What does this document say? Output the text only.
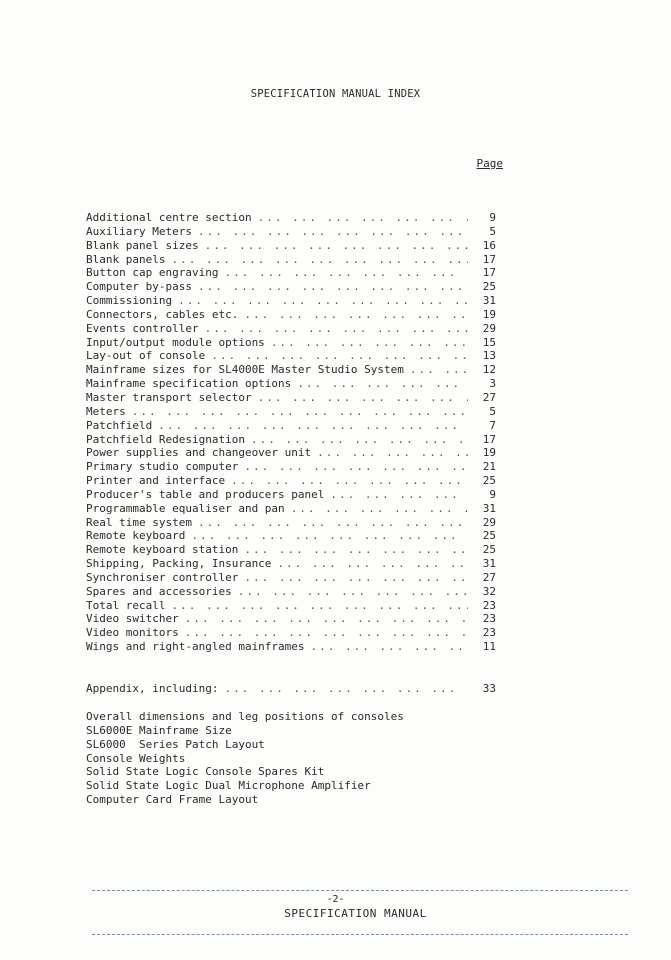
SPECIFICATION MANUAL INDEX
Page
Additional centre section ... .	9
Auxiliary Meters ... .	5
Blank panel sizes ... .	16
Blank panels ... .	17
Button cap engraving ... .	17
Computer by-pass ... .	25
Commissioning ... .	31
Connectors, cables etc. ... .	19
Events controller ... .	29
Input/output module options ... .	15
Lay-out of console ... .	13
Mainframe sizes for SL4000E Master Studio System ... .	12
Mainframe specification options ... .	3
Master transport selector ... .	27
Meters ... .	5
Patchfield ... .	7
Patchfield Redesignation ... .	17
Power supplies and changeover unit ... .	19
Primary studio computer ... .	21
Printer and interface ... .	25
Producer's table and producers panel ... .	9
Programmable equaliser and pan ... .	31
Real time system ... .	29
Remote keyboard ... .	25
Remote keyboard station ... .	25
Shipping, Packing, Insurance ... .	31
Synchroniser controller ... .	27
Spares and accessories ... .	32
Total recall ... .	23
Video switcher ... .	23
Video monitors ... .	23
Wings and right-angled mainframes ... .	11
Appendix, including: ... .	33
Overall dimensions and leg positions of consoles
SL6000E Mainframe Size
SL6000  Series Patch Layout
Console Weights
Solid State Logic Console Spares Kit
Solid State Logic Dual Microphone Amplifier
Computer Card Frame Layout
-2-
SPECIFICATION MANUAL
